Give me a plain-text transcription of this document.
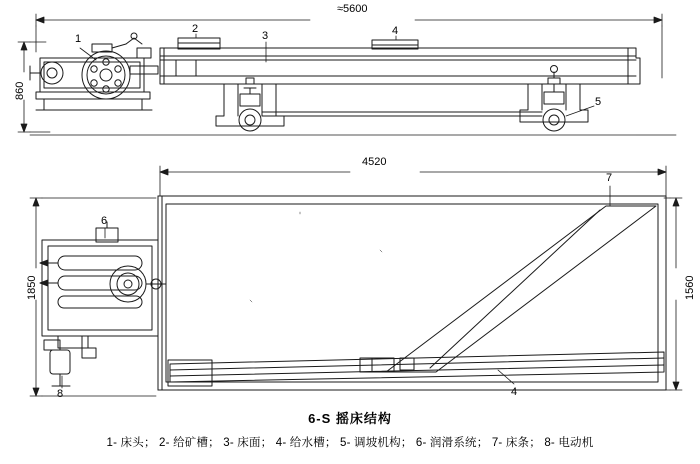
≈5600
860
4520
1850	1560
1
2
3	4
5
6
7
8	4
6-S 摇床结构
1- 床头； 2- 给矿槽； 3- 床面； 4- 给水槽； 5- 调坡机构； 6- 润滑系统； 7- 床条； 8- 电动机
